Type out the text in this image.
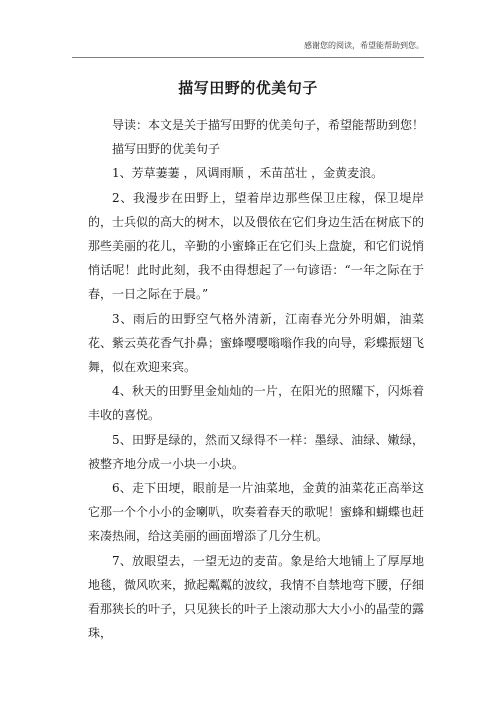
感谢您的阅读，希望能帮助到您。
描写田野的优美句子

导读：本文是关于描写田野的优美句子，希望能帮助到您！

描写田野的优美句子

1、芳草萋萋 ，风调雨顺 ，禾苗茁壮 ，金黄麦浪。

2、我漫步在田野上，望着岸边那些保卫庄稼，保卫堤岸的，士兵似的高大的树木，以及偎依在它们身边生活在树底下的那些美丽的花儿，辛勤的小蜜蜂正在它们头上盘旋，和它们说悄悄话呢！此时此刻，我不由得想起了一句谚语：“一年之际在于春，一日之际在于晨。”

3、雨后的田野空气格外清新，江南春光分外明媚，油菜花、紫云英花香气扑鼻；蜜蜂嘤嘤嗡嗡作我的向导，彩蝶振翅飞舞，似在欢迎来宾。

4、秋天的田野里金灿灿的一片，在阳光的照耀下，闪烁着丰收的喜悦。

5、田野是绿的，然而又绿得不一样：墨绿、油绿、嫩绿，被整齐地分成一小块一小块。

6、走下田埂，眼前是一片油菜地，金黄的油菜花正高举这它那一个个小小的金喇叭，吹奏着春天的歌呢！蜜蜂和蝴蝶也赶来凑热闹，给这美丽的画面增添了几分生机。

7、放眼望去，一望无边的麦苗。象是给大地铺上了厚厚地地毯，微风吹来，掀起粼粼的波纹，我情不自禁地弯下腰，仔细看那狭长的叶子，只见狭长的叶子上滚动那大大小小的晶莹的露珠，
